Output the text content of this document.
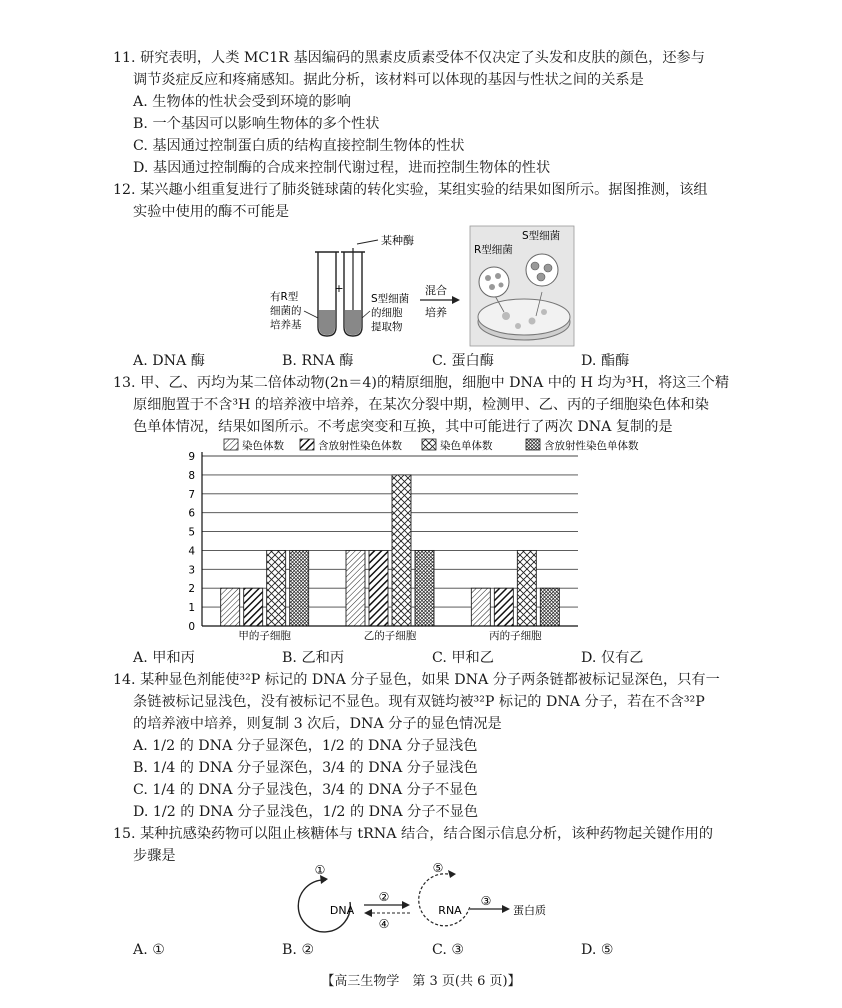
11. 研究表明，人类 MC1R 基因编码的黑素皮质素受体不仅决定了头发和皮肤的颜色，还参与
调节炎症反应和疼痛感知。据此分析，该材料可以体现的基因与性状之间的关系是
A. 生物体的性状会受到环境的影响
B. 一个基因可以影响生物体的多个性状
C. 基因通过控制蛋白质的结构直接控制生物体的性状
D. 基因通过控制酶的合成来控制代谢过程，进而控制生物体的性状
12. 某兴趣小组重复进行了肺炎链球菌的转化实验，某组实验的结果如图所示。据图推测，该组
实验中使用的酶不可能是
+
某种酶
有R型
细菌的
培养基
S型细菌
的细胞
提取物
混合
培养
S型细菌
R型细菌
A. DNA 酶	B. RNA 酶	C. 蛋白酶	D. 酯酶
13. 甲、乙、丙均为某二倍体动物(2n＝4)的精原细胞，细胞中 DNA 中的 H 均为³H，将这三个精
原细胞置于不含³H 的培养液中培养，在某次分裂中期，检测甲、乙、丙的子细胞染色体和染
色单体情况，结果如图所示。不考虑突变和互换，其中可能进行了两次 DNA 复制的是
染色体数	含放射性染色体数	染色单体数	含放射性染色单体数
0
1
2
3
4
5
6
7
8
9
甲的子细胞	乙的子细胞	丙的子细胞
A. 甲和丙	B. 乙和丙	C. 甲和乙	D. 仅有乙
14. 某种显色剂能使³²P 标记的 DNA 分子显色，如果 DNA 分子两条链都被标记显深色，只有一
条链被标记显浅色，没有被标记不显色。现有双链均被³²P 标记的 DNA 分子，若在不含³²P
的培养液中培养，则复制 3 次后，DNA 分子的显色情况是
A. 1/2 的 DNA 分子显深色，1/2 的 DNA 分子显浅色
B. 1/4 的 DNA 分子显深色，3/4 的 DNA 分子显浅色
C. 1/4 的 DNA 分子显浅色，3/4 的 DNA 分子不显色
D. 1/2 的 DNA 分子显浅色，1/2 的 DNA 分子不显色
15. 某种抗感染药物可以阻止核糖体与 tRNA 结合，结合图示信息分析，该种药物起关键作用的
步骤是
①
DNA
②
④
⑤
RNA
③
蛋白质
A. ①	B. ②	C. ③	D. ⑤
【高三生物学　第 3 页(共 6 页)】
